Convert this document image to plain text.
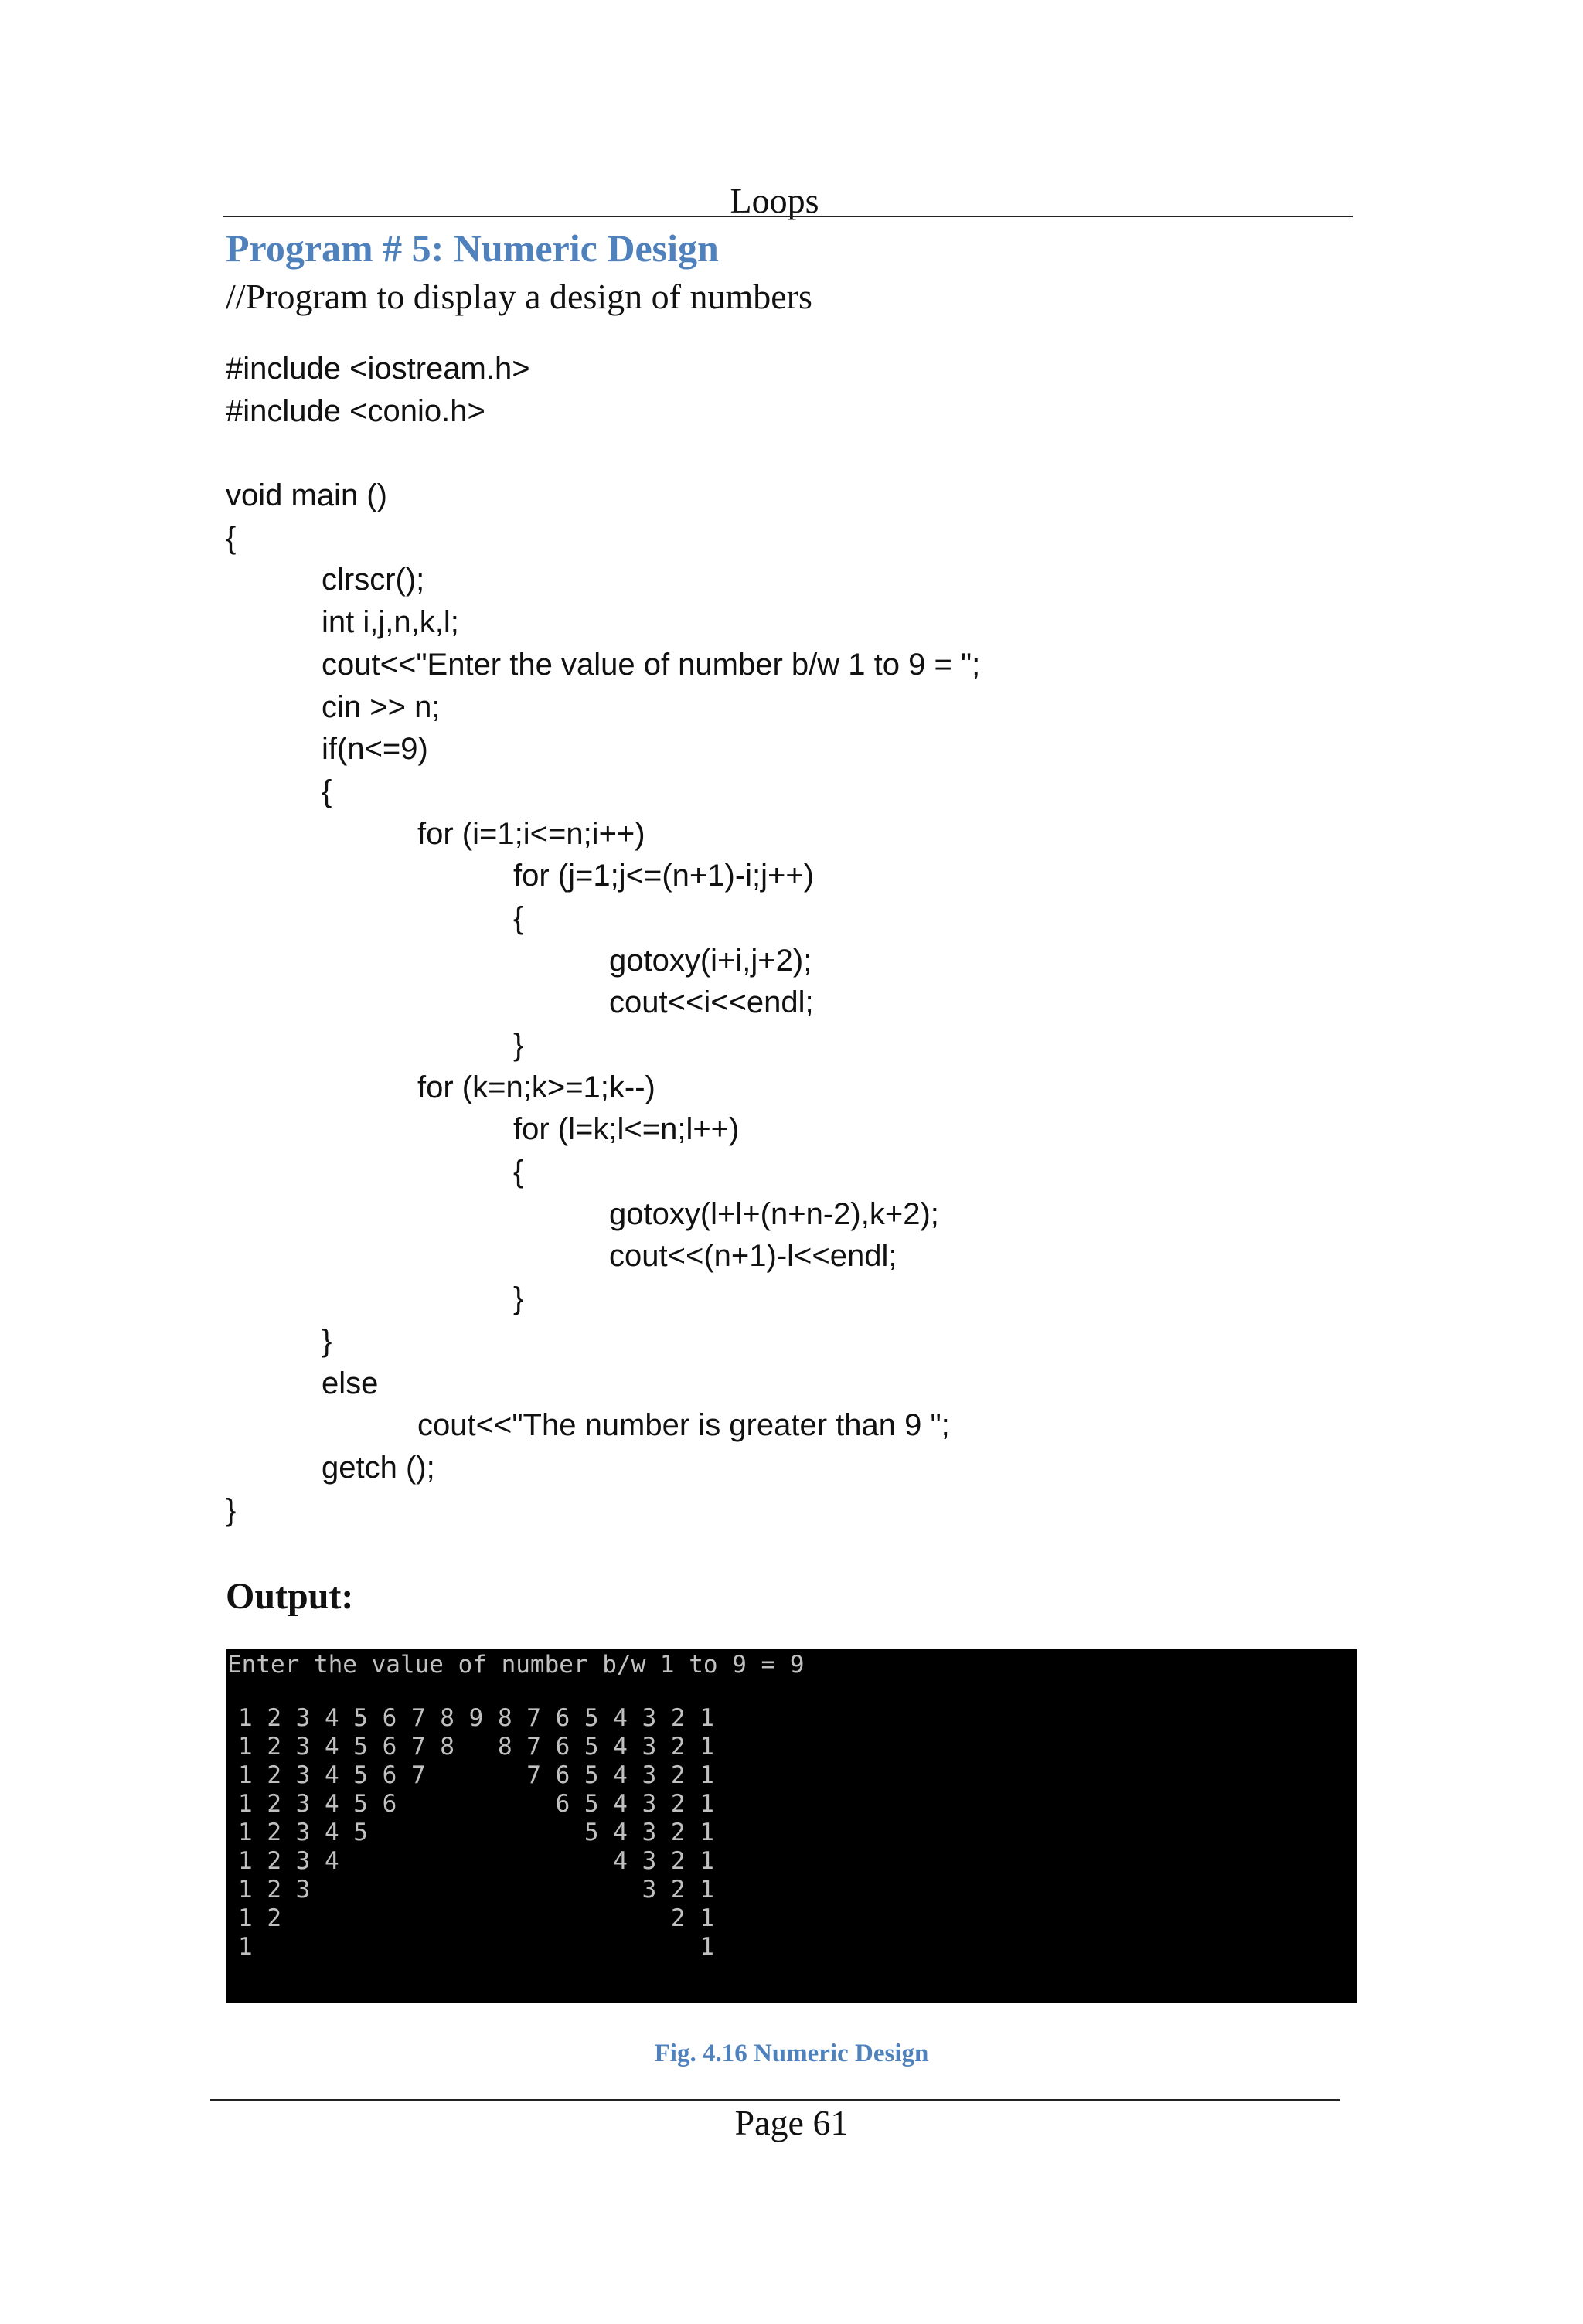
Loops
Program # 5: Numeric Design
//Program to display a design of numbers
#include <iostream.h>
#include <conio.h>
void main ()
{
clrscr();
int i,j,n,k,l;
cout<<"Enter the value of number b/w 1 to 9 = ";
cin >> n;
if(n<=9)
{
for (i=1;i<=n;i++)
for (j=1;j<=(n+1)-i;j++)
{
gotoxy(i+i,j+2);
cout<<i<<endl;
}
for (k=n;k>=1;k--)
for (l=k;l<=n;l++)
{
gotoxy(l+l+(n+n-2),k+2);
cout<<(n+1)-l<<endl;
}
}
else
cout<<"The number is greater than 9 ";
getch ();
}
Output:
Enter the value of number b/w 1 to 9 = 9
1 2 3 4 5 6 7 8 9 8 7 6 5 4 3 2 1
1 2 3 4 5 6 7 8   8 7 6 5 4 3 2 1
1 2 3 4 5 6 7       7 6 5 4 3 2 1
1 2 3 4 5 6           6 5 4 3 2 1
1 2 3 4 5               5 4 3 2 1
1 2 3 4                   4 3 2 1
1 2 3                       3 2 1
1 2                           2 1
1                               1
Fig. 4.16 Numeric Design
Page 61
